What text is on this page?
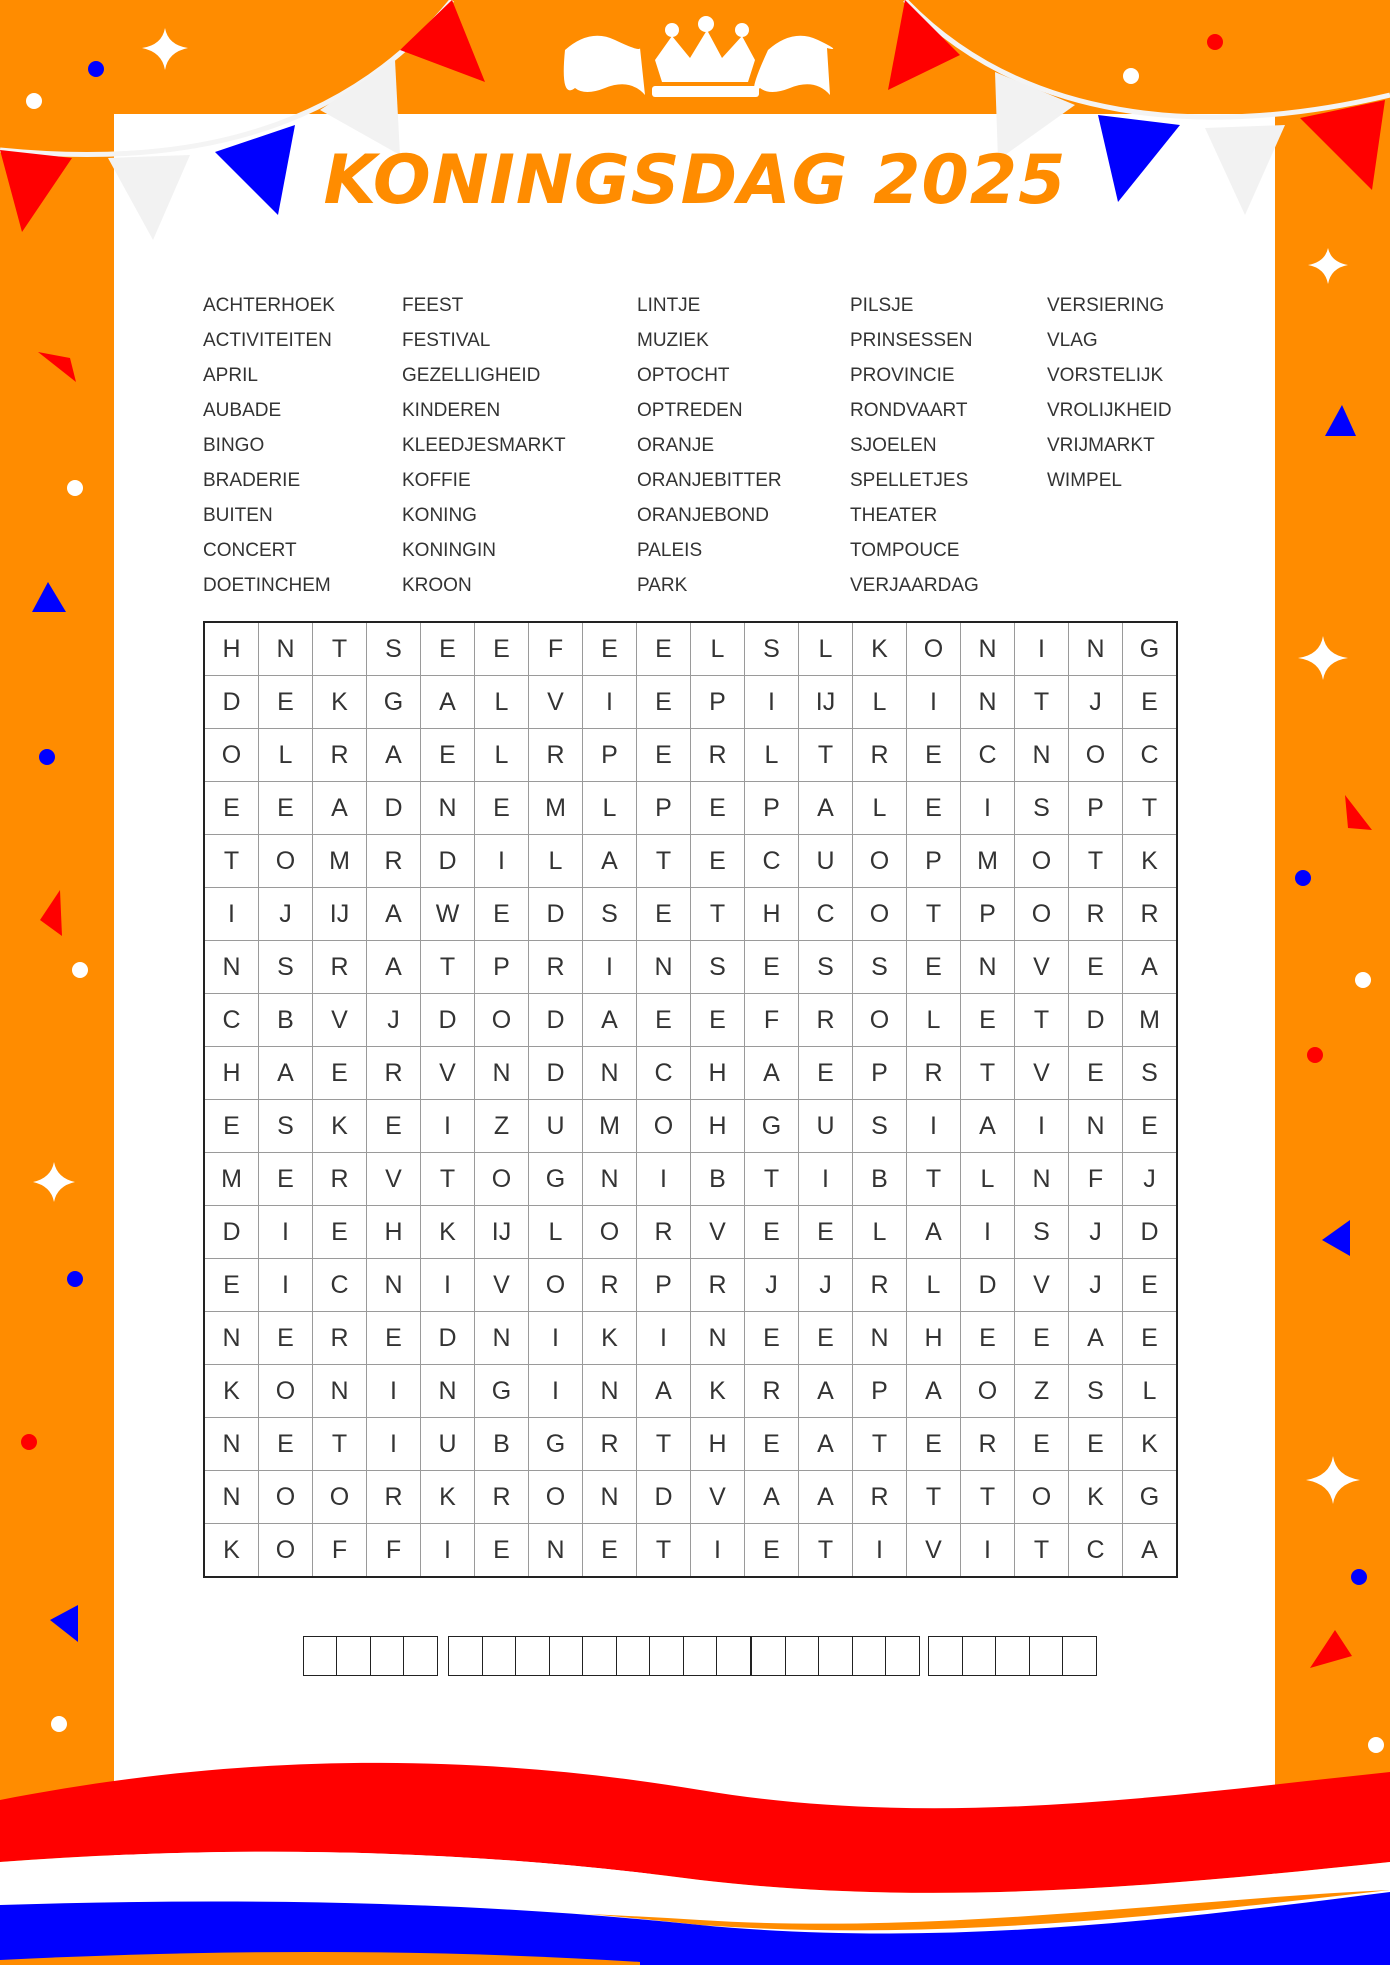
KONINGSDAG 2025
ACHTERHOEK
ACTIVITEITEN
APRIL
AUBADE
BINGO
BRADERIE
BUITEN
CONCERT
DOETINCHEM
FEEST
FESTIVAL
GEZELLIGHEID
KINDEREN
KLEEDJESMARKT
KOFFIE
KONING
KONINGIN
KROON
LINTJE
MUZIEK
OPTOCHT
OPTREDEN
ORANJE
ORANJEBITTER
ORANJEBOND
PALEIS
PARK
PILSJE
PRINSESSEN
PROVINCIE
RONDVAART
SJOELEN
SPELLETJES
THEATER
TOMPOUCE
VERJAARDAG
VERSIERING
VLAG
VORSTELIJK
VROLIJKHEID
VRIJMARKT
WIMPEL
H	N	T	S	E	E	F	E	E	L	S	L	K	O	N	I	N	G
D	E	K	G	A	L	V	I	E	P	I	IJ	L	I	N	T	J	E
O	L	R	A	E	L	R	P	E	R	L	T	R	E	C	N	O	C
E	E	A	D	N	E	M	L	P	E	P	A	L	E	I	S	P	T
T	O	M	R	D	I	L	A	T	E	C	U	O	P	M	O	T	K
I	J	IJ	A	W	E	D	S	E	T	H	C	O	T	P	O	R	R
N	S	R	A	T	P	R	I	N	S	E	S	S	E	N	V	E	A
C	B	V	J	D	O	D	A	E	E	F	R	O	L	E	T	D	M
H	A	E	R	V	N	D	N	C	H	A	E	P	R	T	V	E	S
E	S	K	E	I	Z	U	M	O	H	G	U	S	I	A	I	N	E
M	E	R	V	T	O	G	N	I	B	T	I	B	T	L	N	F	J
D	I	E	H	K	IJ	L	O	R	V	E	E	L	A	I	S	J	D
E	I	C	N	I	V	O	R	P	R	J	J	R	L	D	V	J	E
N	E	R	E	D	N	I	K	I	N	E	E	N	H	E	E	A	E
K	O	N	I	N	G	I	N	A	K	R	A	P	A	O	Z	S	L
N	E	T	I	U	B	G	R	T	H	E	A	T	E	R	E	E	K
N	O	O	R	K	R	O	N	D	V	A	A	R	T	T	O	K	G
K	O	F	F	I	E	N	E	T	I	E	T	I	V	I	T	C	A
